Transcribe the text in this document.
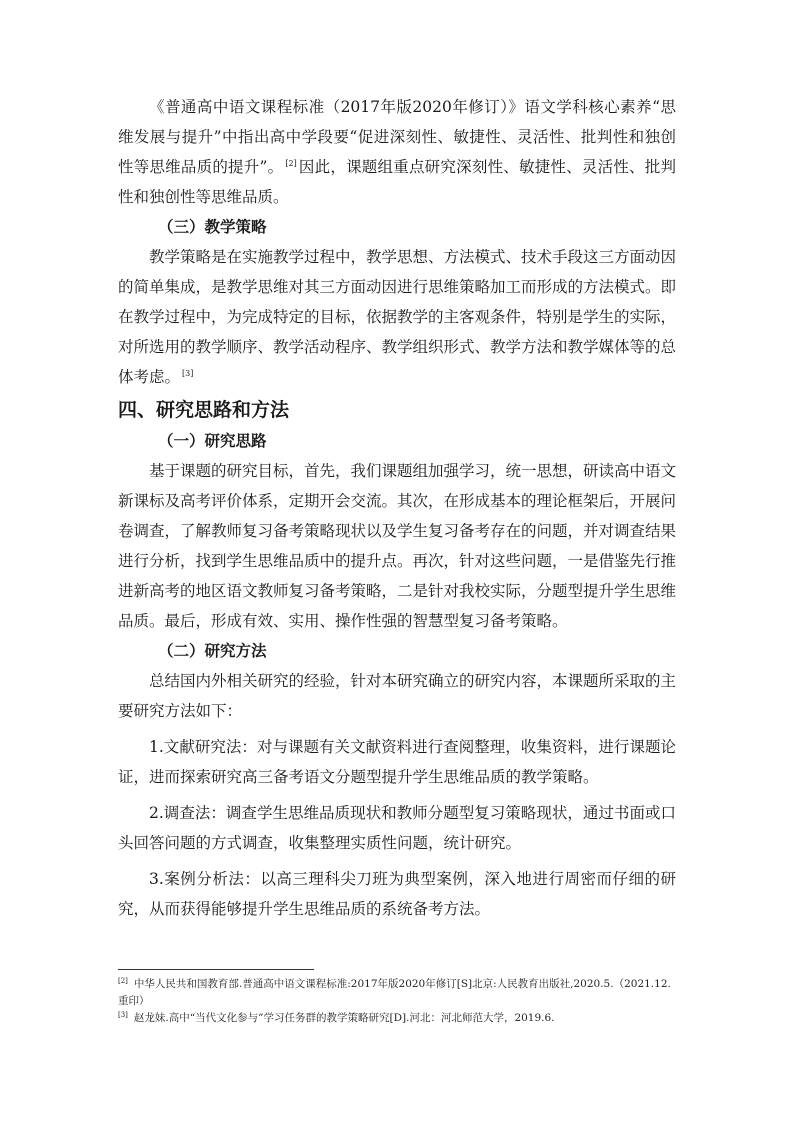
《普通高中语文课程标准（2017年版2020年修订）》语文学科核心素养“思维发展与提升”中指出高中学段要“促进深刻性、敏捷性、灵活性、批判性和独创性等思维品质的提升”。 [2] 因此，课题组重点研究深刻性、敏捷性、灵活性、批判性和独创性等思维品质。

（三）教学策略

教学策略是在实施教学过程中，教学思想、方法模式、技术手段这三方面动因的简单集成，是教学思维对其三方面动因进行思维策略加工而形成的方法模式。即在教学过程中，为完成特定的目标，依据教学的主客观条件，特别是学生的实际，对所选用的教学顺序、教学活动程序、教学组织形式、教学方法和教学媒体等的总体考虑。 [3]

四、研究思路和方法

（一）研究思路

基于课题的研究目标，首先，我们课题组加强学习，统一思想，研读高中语文新课标及高考评价体系，定期开会交流。其次，在形成基本的理论框架后，开展问卷调查，了解教师复习备考策略现状以及学生复习备考存在的问题，并对调查结果进行分析，找到学生思维品质中的提升点。再次，针对这些问题，一是借鉴先行推进新高考的地区语文教师复习备考策略，二是针对我校实际，分题型提升学生思维品质。最后，形成有效、实用、操作性强的智慧型复习备考策略。

（二）研究方法

总结国内外相关研究的经验，针对本研究确立的研究内容，本课题所采取的主要研究方法如下：

1.文献研究法：对与课题有关文献资料进行查阅整理，收集资料，进行课题论证，进而探索研究高三备考语文分题型提升学生思维品质的教学策略。

2.调查法：调查学生思维品质现状和教师分题型复习策略现状，通过书面或口头回答问题的方式调查，收集整理实质性问题，统计研究。

3.案例分析法：以高三理科尖刀班为典型案例，深入地进行周密而仔细的研究，从而获得能够提升学生思维品质的系统备考方法。

[2] 中华人民共和国教育部.普通高中语文课程标准:2017年版2020年修订[S]北京:人民教育出版社,2020.5.（2021.12.重印）

[3] 赵龙妹.高中“当代文化参与”学习任务群的教学策略研究[D].河北：河北师范大学，2019.6.
